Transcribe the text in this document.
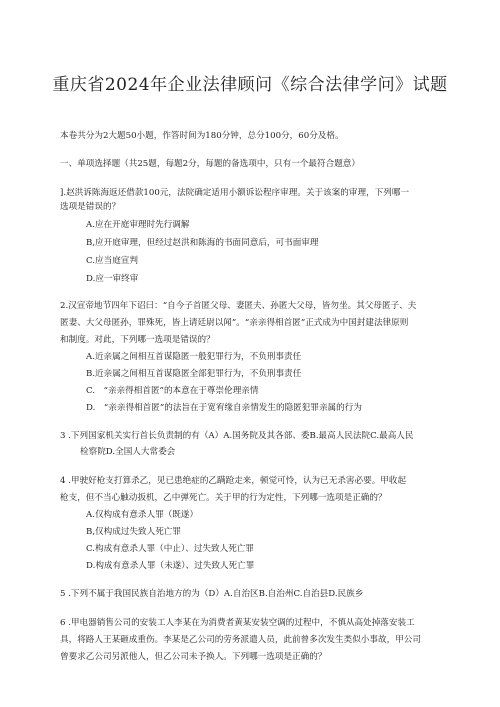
重庆省2024年企业法律顾问《综合法律学问》试题
本卷共分为2大题50小题，作答时间为180分钟，总分100分，60分及格。
一、单项选择题（共25题，每题2分，每题的备选项中，只有一个最符合题意）
].赵洪诉陈海返还借款100元，法院确定适用小额诉讼程序审理。关于该案的审理，下列哪一
选项是错误的？
A.应在开庭审理时先行调解
B,应开庭审理，但经过赵洪和陈海的书面同意后，可书面审理
C.应当庭宣判
D.应一审终审
2.汉宣帝地节四年下诏曰：“自今子首匿父母、妻匿夫、孙匿大父母，皆勿坐。其父母匿子、夫
匿妻、大父母匿孙，罪殊死，皆上请廷尉以闻”。“亲亲得相首匿”正式成为中国封建法律原则
和制度。对此，下列哪一选项是错误的？
A.近亲属之间相互首谋隐匿一般犯罪行为，不负刑事责任
B.近亲属之间相互首谋隐匿全部犯罪行为，不负刑事责任
C.　“亲亲得相首匿”的本意在于尊崇伦理亲情
D.　“亲亲得相首匿”的法旨在于宽宥缘自亲情发生的隐匿犯罪亲属的行为
3 .下列国家机关实行首长负责制的有（A）A.国务院及其各部、委B.最高人民法院C.最高人民
检察院D.全国人大常委会
4 .甲驶好枪支打算杀乙，见已患绝症的乙蹒跄走来，顿觉可怜，认为已无杀害必要。甲收起
枪支，但不当心触动扳机，乙中弹死亡。关于甲的行为定性，下列哪一选项是正确的？
A.仅构成有意杀人罪（既遂）
B,仅构成过失致人死亡罪
C.构成有意杀人罪（中止）、过失致人死亡罪
D.构成有意杀人罪（未遂）、过失致人死亡罪
5 .下列不属于我国民族自治地方的为（D）A.自治区B.自治州C.自治县D.民族乡
6 .甲电器销售公司的安装工人李某在为消费者黄某安装空调的过程中，不慎从高处掉落安装工
具，将路人王某砸成重伤。李某是乙公司的劳务派遣人员，此前曾多次发生类似小事故，甲公司
曾要求乙公司另派他人，但乙公司未予换人。下列哪一选项是正确的？
